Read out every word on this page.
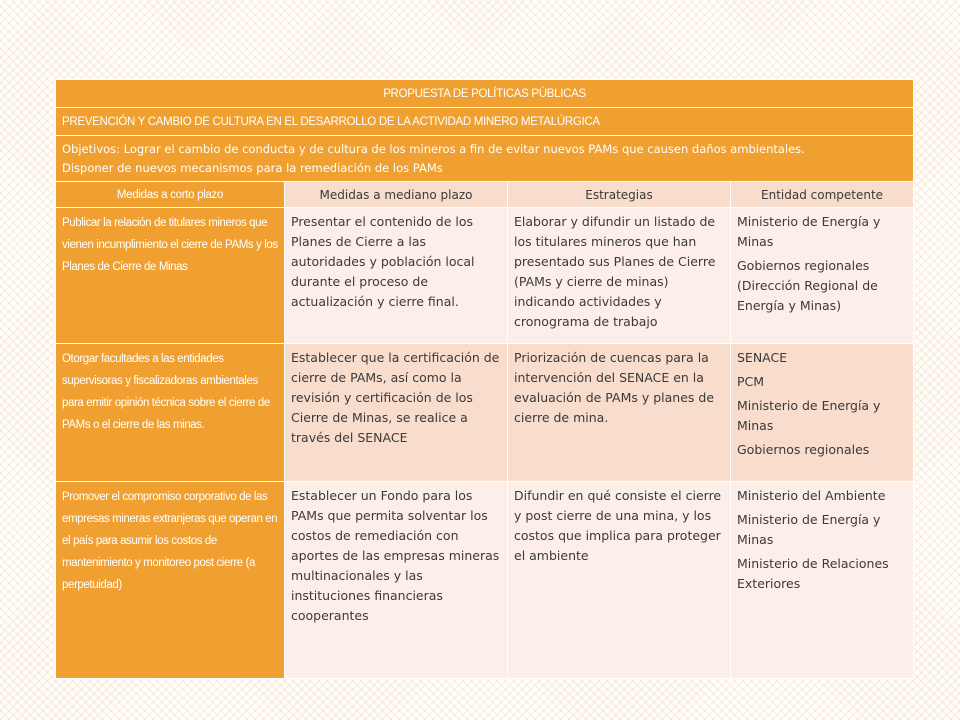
PROPUESTA DE POLÍTICAS PÚBLICAS			
PREVENCIÓN Y CAMBIO DE CULTURA EN EL DESARROLLO DE LA ACTIVIDAD MINERO METALÚRGICA			

Objetivos: Lograr el cambio de conducta y de cultura de los mineros a fin de evitar nuevos PAMs que causen daños ambientales.
Disponer de nuevos mecanismos para la remediación de los PAMs			

Medidas a corto plazo	Medidas a mediano plazo	Estrategias	Entidad competente
Publicar la relación de titulares mineros que vienen incumplimiento el cierre de PAMs y los Planes de Cierre de Minas	Presentar el contenido de los Planes de Cierre a las autoridades y población local durante el proceso de actualización y cierre final.	Elaborar y difundir un listado de los titulares mineros que han presentado sus Planes de Cierre (PAMs y cierre de minas) indicando actividades y cronograma de trabajo	Ministerio de Energía y Minas
Gobiernos regionales (Dirección Regional de Energía y Minas)

Otorgar facultades a las entidades supervisoras y fiscalizadoras ambientales para emitir opinión técnica sobre el cierre de PAMs o el cierre de las minas.	Establecer que la certificación de cierre de PAMs, así como la revisión y certificación de los Cierre de Minas, se realice a través del SENACE	Priorización de cuencas para la intervención del SENACE en la evaluación de PAMs y planes de cierre de mina.	SENACE
PCM
Ministerio de Energía y Minas
Gobiernos regionales

Promover el compromiso corporativo de las empresas mineras extranjeras que operan en el país para asumir los costos de mantenimiento y monitoreo post cierre (a perpetuidad)	Establecer un Fondo para los PAMs que permita solventar los costos de remediación con aportes de las empresas mineras multinacionales y las instituciones financieras cooperantes	Difundir en qué consiste el cierre y post cierre de una mina, y los costos que implica para proteger el ambiente	Ministerio del Ambiente
Ministerio de Energía y Minas
Ministerio de Relaciones Exteriores
